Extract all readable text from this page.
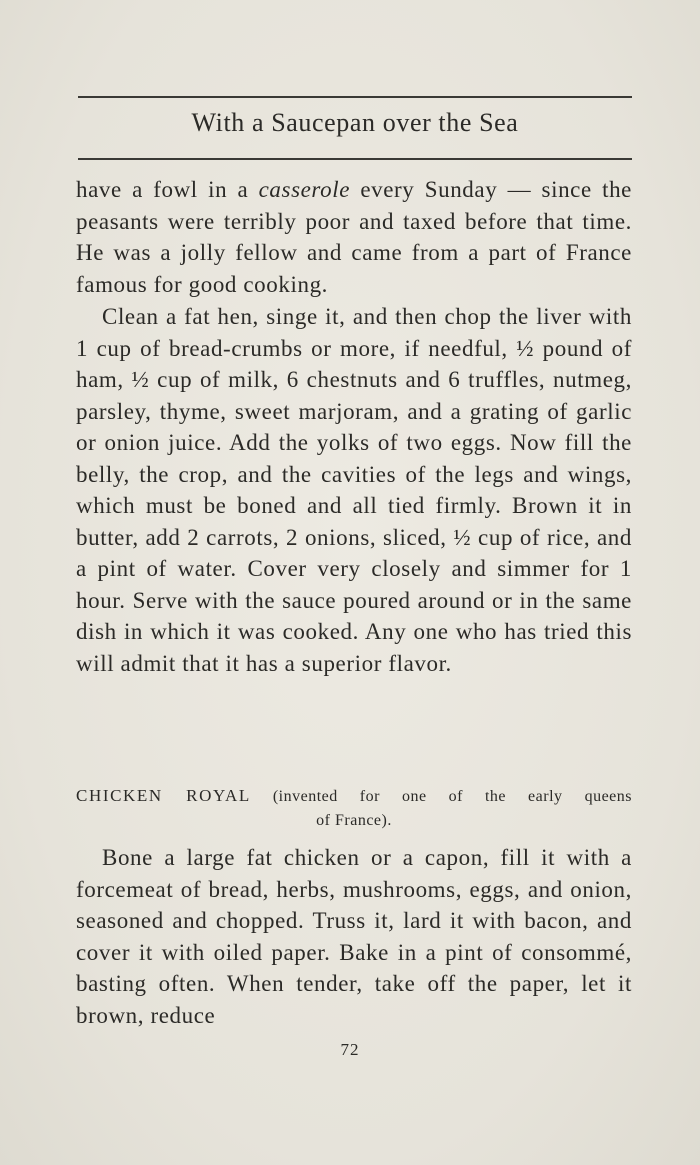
With a Saucepan over the Sea

have a fowl in a casserole every Sunday — since the peasants were terribly poor and taxed before that time. He was a jolly fellow and came from a part of France famous for good cooking.

Clean a fat hen, singe it, and then chop the liver with 1 cup of bread-crumbs or more, if needful, ½ pound of ham, ½ cup of milk, 6 chestnuts and 6 truffles, nutmeg, parsley, thyme, sweet marjoram, and a grating of garlic or onion juice. Add the yolks of two eggs. Now fill the belly, the crop, and the cavities of the legs and wings, which must be boned and all tied firmly. Brown it in butter, add 2 carrots, 2 onions, sliced, ½ cup of rice, and a pint of water. Cover very closely and simmer for 1 hour. Serve with the sauce poured around or in the same dish in which it was cooked. Any one who has tried this will admit that it has a superior flavor.

CHICKEN ROYAL (invented for one of the early queens
of France).

Bone a large fat chicken or a capon, fill it with a forcemeat of bread, herbs, mushrooms, eggs, and onion, seasoned and chopped. Truss it, lard it with bacon, and cover it with oiled paper. Bake in a pint of consommé, basting often. When tender, take off the paper, let it brown, reduce

72
